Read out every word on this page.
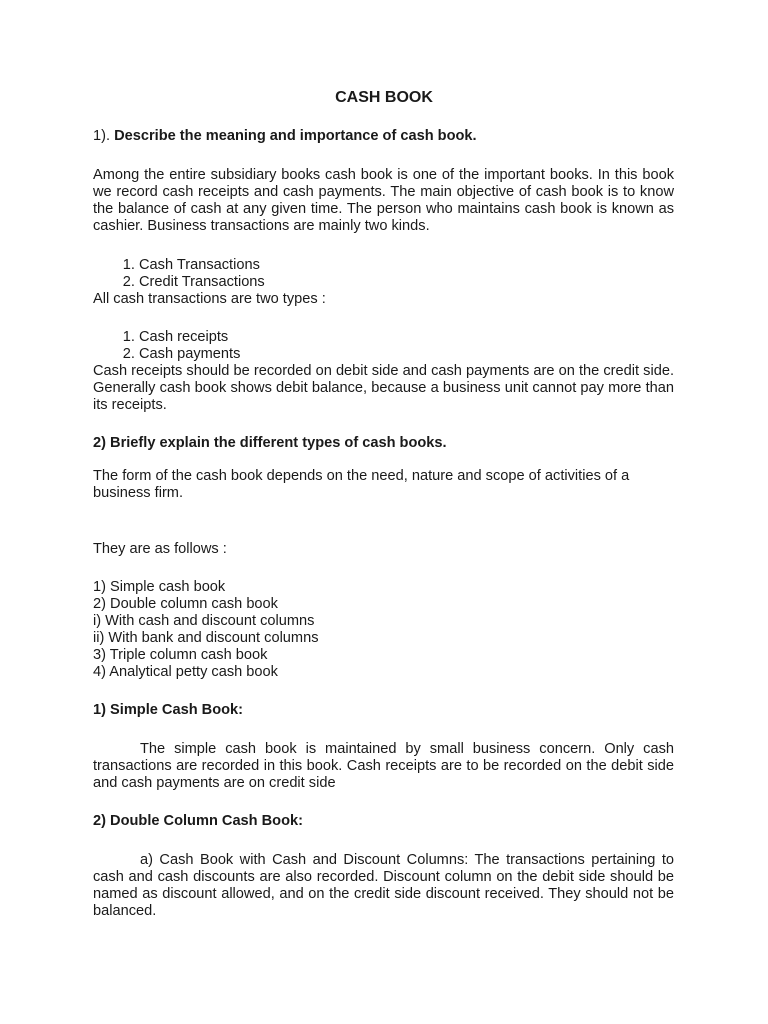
CASH BOOK
1). Describe the meaning and importance of cash book.
Among the entire subsidiary books cash book is one of the important books. In this book we record cash receipts and cash payments. The main objective of cash book is to know the balance of cash at any given time. The person who maintains cash book is known as cashier. Business transactions are mainly two kinds.
1. Cash Transactions
2. Credit Transactions
All cash transactions are two types :
1. Cash receipts
2. Cash payments
Cash receipts should be recorded on debit side and cash payments are on the credit side. Generally cash book shows debit balance, because a business unit cannot pay more than its receipts.
2) Briefly explain the different types of cash books.
The form of the cash book depends on the need, nature and scope of activities of a business firm.
They are as follows :
1) Simple cash book
2) Double column cash book
i) With cash and discount columns
ii) With bank and discount columns
3) Triple column cash book
4) Analytical petty cash book
1) Simple Cash Book:
The simple cash book is maintained by small business concern. Only cash transactions are recorded in this book. Cash receipts are to be recorded on the debit side and cash payments are on credit side
2) Double Column Cash Book:
a) Cash Book with Cash and Discount Columns: The transactions pertaining to cash and cash discounts are also recorded. Discount column on the debit side should be named as discount allowed, and on the credit side discount received. They should not be balanced.
